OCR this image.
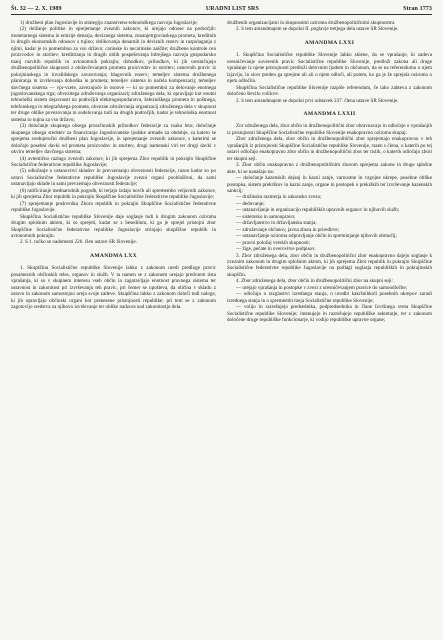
Št. 32 — 2. X. 1989	URADNI LIST SRS	Stran 1773

1) družbeni plan Jugoslavije in strategijo znanstveno-tehnološkega razvoja Jugoslavije;

(2) dolžanje politike in sprejemanje zveznih zakonov, ki urejajo odnose na področjih: monetarnega sistema in emisije denarja, deviznega sistema, zunanjetrgovinskega prometa, kreditnih in drugih ekonomskih odnosov s tujino; oblikovanja denarnih in deviznih rezerv in razpolaganja z njimi, kadar je to pomembno za vso državo; carinske in necarinske zaščite; družbene kontrole cen proizvodov in storitev; kreditiranja in drugih oblik pospeševanja hitrejšega razvoja gospodarsko manj razvitih republik in avtonomnih pokrajin; dohodkov, prihodkov, ki jih uresničujejo družbenopolitične skupnosti z obdavčevanjem prometa proizvodov in storitev; osnovnih pravic iz pokojninskega in invalidskega zavarovanja; blagovnih rezerv; temeljev sistema družbenega planiranja in izvrševanja dohodka in prometa; temeljev sistema in načela kompenzacij; temeljev davčnega sistema — vpr-vzete, zavezujoče in osnove — ki so pomembni za delovanje enotnega jugoslovanskega trga; obvezitega združevanja organizacij združenega dela, ki opravljajo kot enotni tehnološki sistem dejavnosti na področjih elektrogospodarstva, železniškega prometa in poštnega, telefonskega in telegrafskega prometa, obvezne združevanja organizacij združenega dela v skupnost ter druge oblike povezovanja in sodelovanja tudi na drugih področjih, kadar je tehnološka enotnost sistema to nujna za vso državo;

(3) določanje skupnega obsega proračunskih prihodkov federacije za vsako leto; določanje skupnega obsega sredstev za financiranje Jugoslovanske ljudske armade za obdobje, za katero se sprejema srednjeročni družbeni plan Jugoslavije, in sprejemanje zveznih zakonov, s katerimi se določajo posebni davki od prometa proizvodov in storitev, drugi namenski viri ter drugi davki v okviru temeljev davčnega sistema;

(4) avtentično razlago zveznih zakonov, ki jih sprejema Zbor republik in pokrajin Skupščine Socialistične federativne republike Jugoslavije;

(5) odločanje o ustanovitvi skladov in prevzemanju obveznosti federacije, razen kadar so po ustavi Socialistične federativne republike Jugoslavije zvezni organi pooblaščeni, da sami ustanavljajo sklade in sami prevzemajo obveznosti federacije;

(6) ratificiranje mednarodnih pogodb, ki terjajo izdajo novih ali spremembo veljavnih zakonov, ki jih sprejema Zbor republik in pokrajin Skupščine Socialistične federativne republike Jugoslavije;

(7) sprejemanje poslovnika Zbora republik in pokrajin Skupščine Socialistične federativne republike Jugoslavije.

Skupščina Socialistične republike Slovenije daje soglasje tudi k drugim zakonom oziroma drugim splošnim aktom, ki so sprejeti, kadar se z besedilom, ki ga je sprejel pristojni zbor Skupščine Socialistične federativne republike Jugoslavije strinjajo skupščine republik in avtonomnih pokrajin.

2. S 1. točko se nadomesti 226. člen ustave SR Slovenije.

AMANDMA LXX

1. Skupščina Socialistične republike Slovenije lahko z zakonom uredi predloge pravic posameznih občinskih teles, organov in služb. V ta namen se z zakonom urejajo predvsem tista vprašanja, ki so v skupnem interesu vseh občin in zagotavljajo enotnost pravnega sistema ter ustavnost in zakonitost pri izvrševanju teh pravic, pri čemer se upošteva, da občina v skladu z ustavo in zakonom samostojno ureja svoje zadeve. Skupščina lahko z zakonom določi tudi naloge, ki jih opravljajo občinski organi kot prenesene pristojnosti republike; pri tem se z zakonom zagotovijo sredstva za njihovo izvrševanje ter oblike nadzora nad zakonitostjo dela.

družbenih organizacijami in skupnostmi oziroma družbenopolitičnimi skupnostmi.

2. S tem amandmajem se dopolni II. poglavje tretjega dela ustave SR Slovenije.

AMANDMA LXXI

1. Skupščina Socialistične republike Slovenije lahko sklene, da se vprašanje, ki zadeva uresničevanje suverenih pravic Socialistične republike Slovenije, predloži zakona ali druge vprašanje iz njene pristojnosti predloži delovnim ljudem in občanom, da se na referendumu o njem izjavijo, in sicer preden ga sprejme ali ali o njem odloči, ali potem, ko ga je že sprejela oziroma o njem odločila.

Skupščina Socialistične republike Slovenije razpiše referendum, če tako zahteva z zakonom določeno število volilcev.

2. S tem amandmajem se dopolni prvi odstavek 237. člena ustave SR Slovenije.

AMANDMA LXXII

Zor združenega dela, zbor občin in družbenopolitični zbor obravnavajo in odločajo o vprašanjih iz pristojnosti Skupščine Socialistične republike Slovenije enakopravno oziroma skupaj.

Zbor združenega dela, zbor občin in družbenopolitični zbor sprejemajo enakopravno v teh vprašanjih iz pristojnosti Skupščine Socialistične republike Slovenije, razen s člena, o katerih po tej ustavi odločajo enakopravno zbor občin in družbenopolitični zbor ter tistih, o katerih odločajo zbori ter skupni seji.

3. Zbor občin enakopravno z družbenopolitičnim zborom sprejema zakone in druge splošne akte, ki se nanašajo na:

— določanje kazenskih dejanj in kazni zanje, varnostne in vzgojne ukrepe, posebne oblike postopka, sistem prekrškov in kazni zanje, organe in postopek o prekrških ter izvrševanje kazenskih sankcij;

— družinska razmerja in zakonsko zvezo;

— dedovanje;

— ustanavljanje in organizacijo republiških upravnih organov in njihovih služb;

— sistemsko in samoupravo;

— državljanstvo in državljanska stanja;

— združevanje občanov, javna zbora in prireditve;

— ustanavljanje oziroma odpravljanje občin in spreminjanje njihovih območij;

— pravni položaj verskih skupnosti;

— žige, pečate in overovitve podpisov.

3. Zbor združenega dela, zbor občin in družbenopolitični zbor enakopravno dajejo soglasje k zveznim zakonom in drugim splošnim aktom, ki jih sprejema Zbor republik in pokrajin Skupščine Socialistične federativne republike Jugoslavije na podlagi soglasja republiških in pokrajinskih skupščin.

4. Zbor združenega dela, zbor občin in družbenopolitični zbor na skupni seji:

— urejajo vprašanja in postopke v zvezi z uresničevanjem pravice do samoodločbe;

— odločajo o razglasitvi izrednega stanja, o uvedbi kakršnihkoli posebnih ukrepov zaradi izrednega stanja in o spremembi meja Socialistične republike Slovenije;

— volijo in razrešujejo predsednika, podpredsednika in člane Izvršnega sveta Skupščine Socialistične republike Slovenije; imenujejo in razrešujejo republiške sekretarje, ter z zakonom določene druge republiške funkcionarje, ki vodijo republiške upravne organe;
